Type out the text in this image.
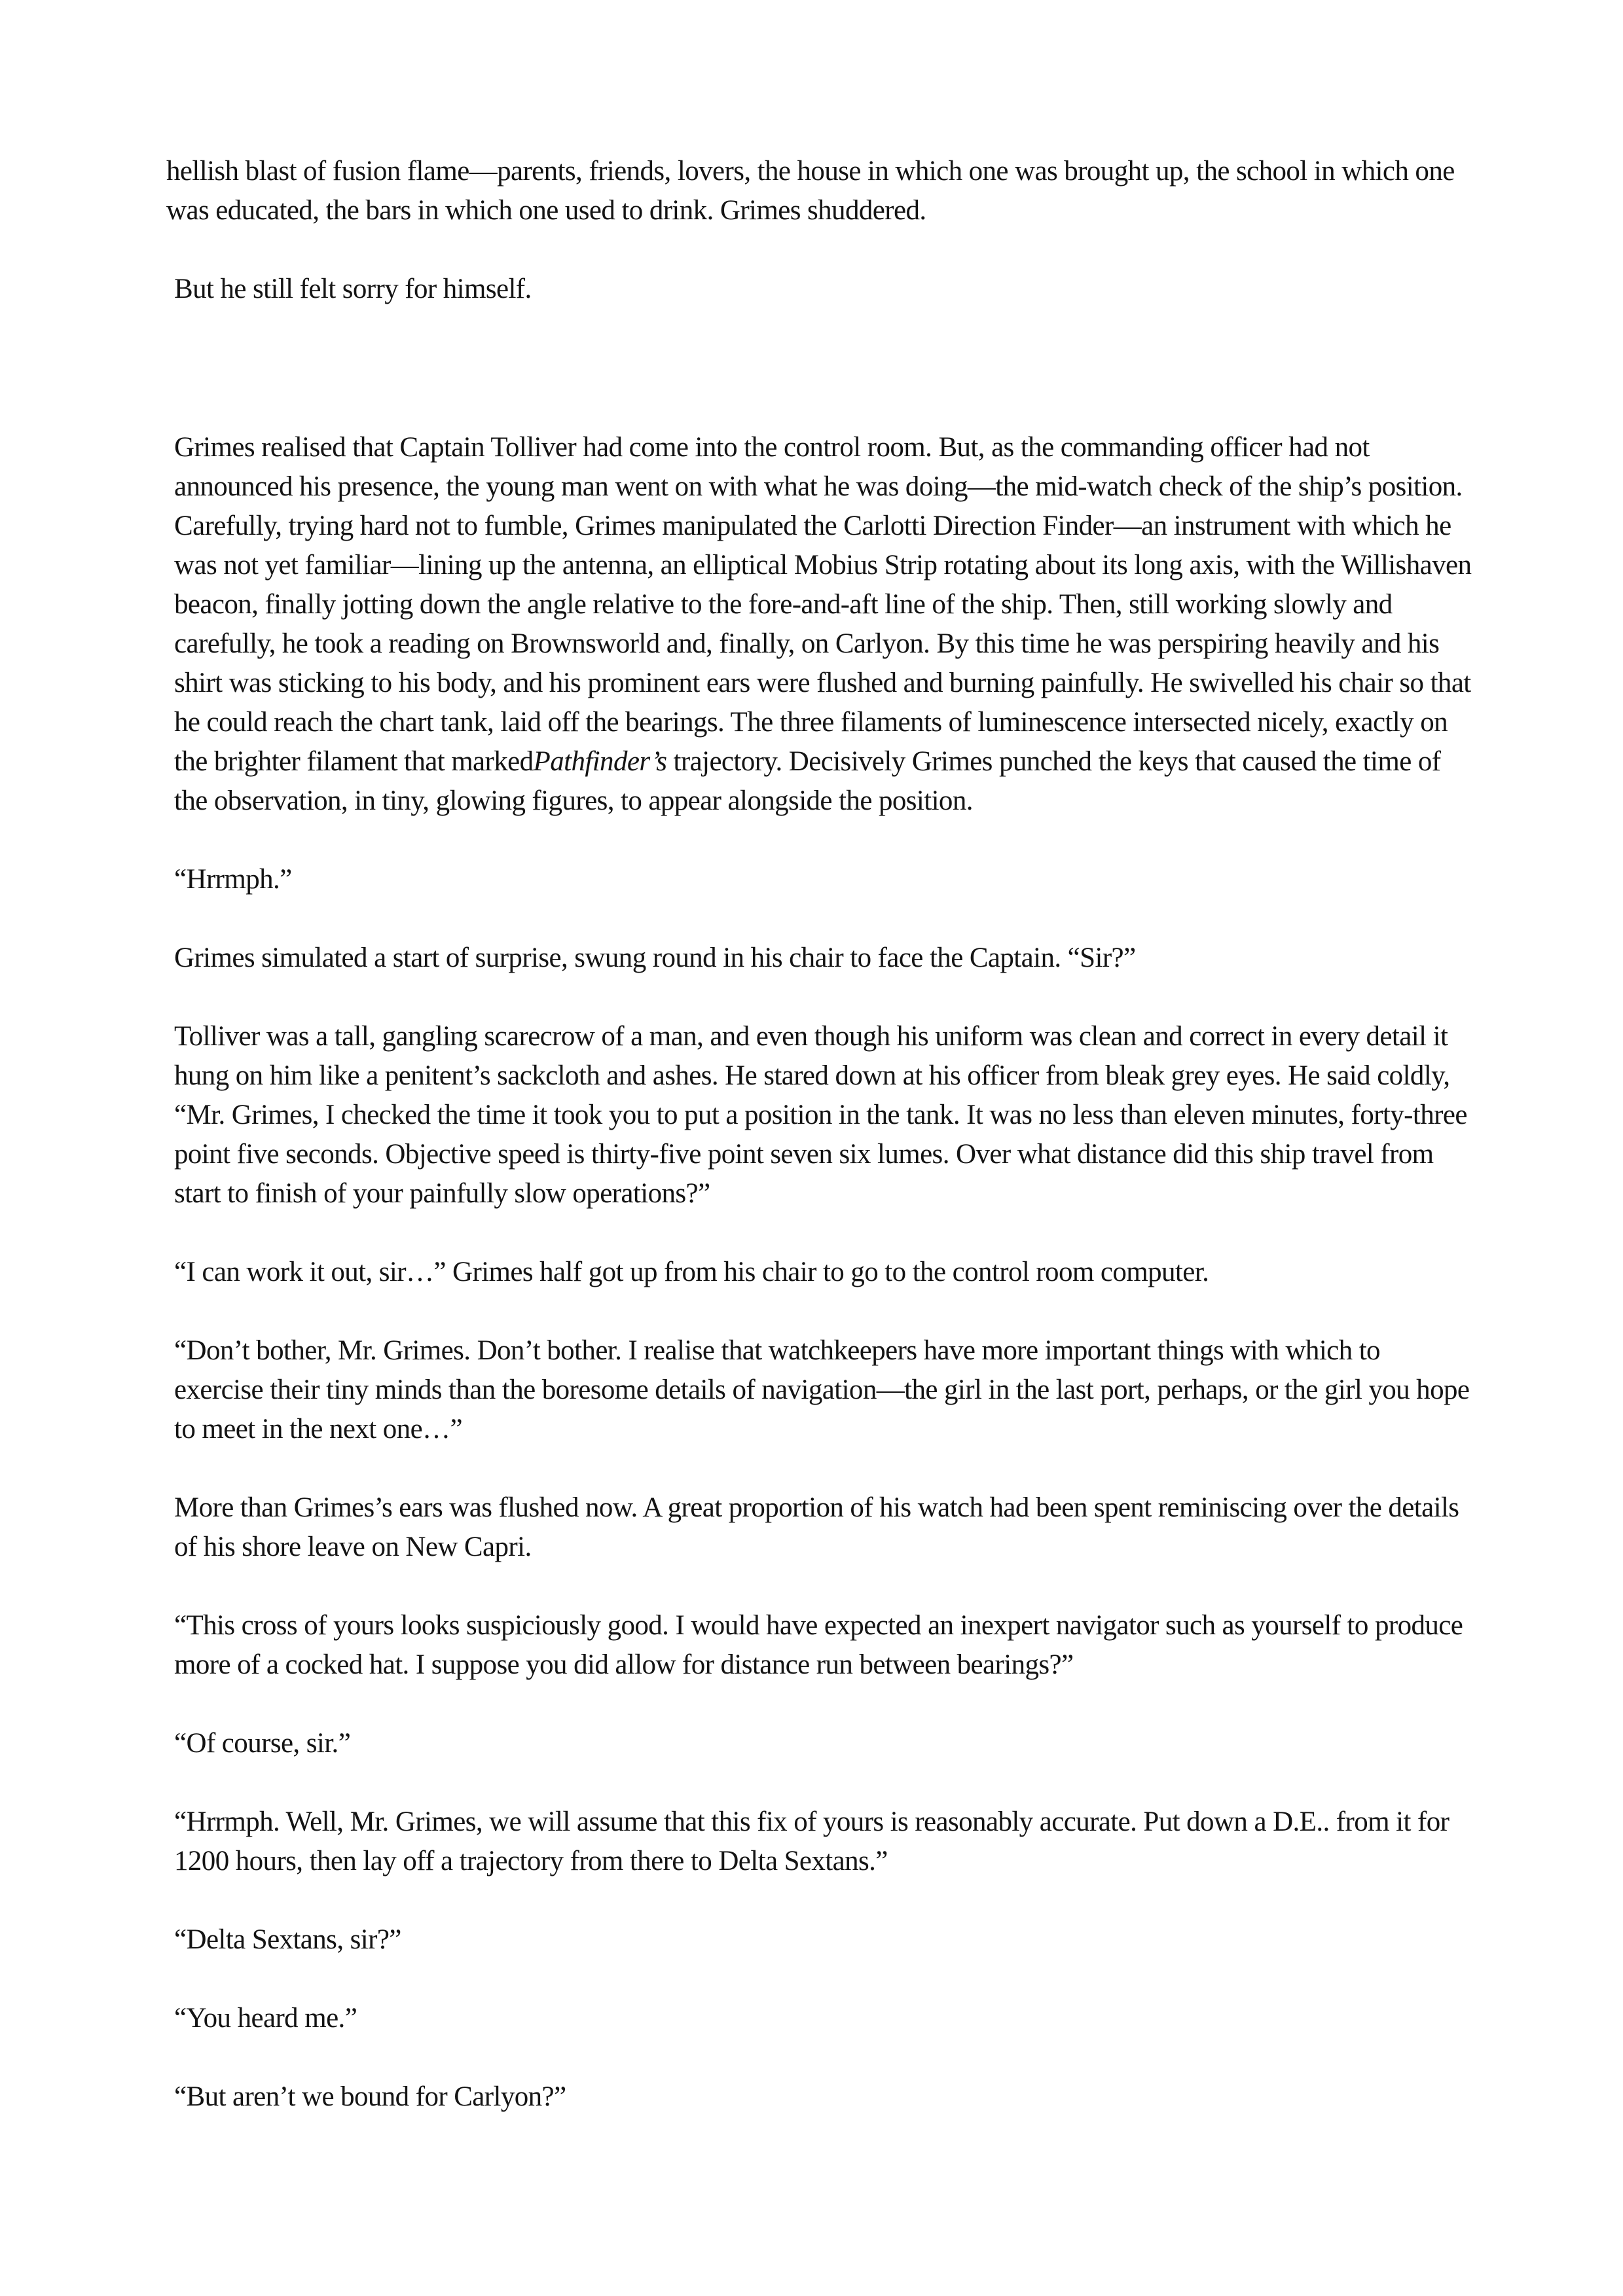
hellish blast of fusion flame—parents, friends, lovers, the house in which one was brought up, the school in which one was educated, the bars in which one used to drink. Grimes shuddered.

But he still felt sorry for himself.

Grimes realised that Captain Tolliver had come into the control room. But, as the commanding officer had not announced his presence, the young man went on with what he was doing—the mid-watch check of the ship’s position. Carefully, trying hard not to fumble, Grimes manipulated the Carlotti Direction Finder—an instrument with which he was not yet familiar—lining up the antenna, an elliptical Mobius Strip rotating about its long axis, with the Willishaven beacon, finally jotting down the angle relative to the fore-and-aft line of the ship. Then, still working slowly and carefully, he took a reading on Brownsworld and, finally, on Carlyon. By this time he was perspiring heavily and his shirt was sticking to his body, and his prominent ears were flushed and burning painfully. He swivelled his chair so that he could reach the chart tank, laid off the bearings. The three filaments of luminescence intersected nicely, exactly on the brighter filament that markedPathfinder’s trajectory. Decisively Grimes punched the keys that caused the time of the observation, in tiny, glowing figures, to appear alongside the position.

“Hrrmph.”

Grimes simulated a start of surprise, swung round in his chair to face the Captain. “Sir?”

Tolliver was a tall, gangling scarecrow of a man, and even though his uniform was clean and correct in every detail it hung on him like a penitent’s sackcloth and ashes. He stared down at his officer from bleak grey eyes. He said coldly, “Mr. Grimes, I checked the time it took you to put a position in the tank. It was no less than eleven minutes, forty-three point five seconds. Objective speed is thirty-five point seven six lumes. Over what distance did this ship travel from start to finish of your painfully slow operations?”

“I can work it out, sir…” Grimes half got up from his chair to go to the control room computer.

“Don’t bother, Mr. Grimes. Don’t bother. I realise that watchkeepers have more important things with which to exercise their tiny minds than the boresome details of navigation—the girl in the last port, perhaps, or the girl you hope to meet in the next one…”

More than Grimes’s ears was flushed now. A great proportion of his watch had been spent reminiscing over the details of his shore leave on New Capri.

“This cross of yours looks suspiciously good. I would have expected an inexpert navigator such as yourself to produce more of a cocked hat. I suppose you did allow for distance run between bearings?”

“Of course, sir.”

“Hrrmph. Well, Mr. Grimes, we will assume that this fix of yours is reasonably accurate. Put down a D.E.. from it for 1200 hours, then lay off a trajectory from there to Delta Sextans.”

“Delta Sextans, sir?”

“You heard me.”

“But aren’t we bound for Carlyon?”
